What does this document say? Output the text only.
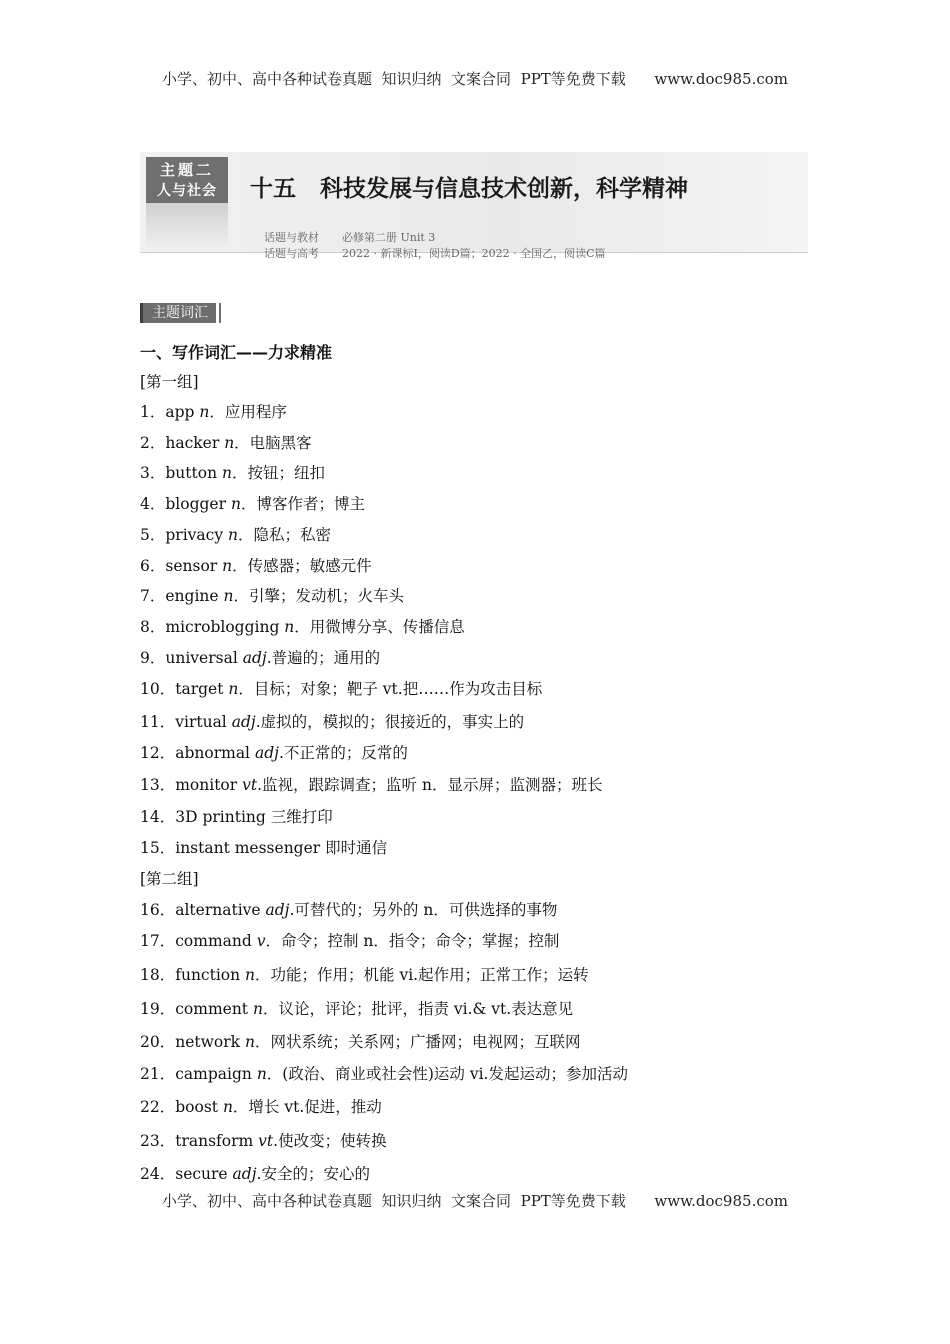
小学、初中、高中各种试卷真题  知识归纳  文案合同  PPT等免费下载      www.doc985.com
主题二
人与社会	十五   科技发展与信息技术创新，科学精神

话题与教材 必修第二册 Unit 3

话题与高考 2022 · 新课标Ⅰ，阅读D篇；2022 · 全国乙，阅读C篇

主题词汇
一、写作词汇——力求精准
[第一组]
[第二组]
1．app n．应用程序
2．hacker n．电脑黑客
3．button n．按钮；纽扣
4．blogger n．博客作者；博主
5．privacy n．隐私；私密
6．sensor n．传感器；敏感元件
7．engine n．引擎；发动机；火车头
8．microblogging n．用微博分享、传播信息
9．universal adj.普遍的；通用的
10．target n．目标；对象；靶子 vt.把……作为攻击目标
11．virtual adj.虚拟的，模拟的；很接近的，事实上的
12．abnormal adj.不正常的；反常的
13．monitor vt.监视，跟踪调查；监听 n．显示屏；监测器；班长
14．3D printing 三维打印
15．instant messenger 即时通信
16．alternative adj.可替代的；另外的 n．可供选择的事物
17．command v．命令；控制 n．指令；命令；掌握；控制
18．function n．功能；作用；机能 vi.起作用；正常工作；运转
19．comment n．议论，评论；批评，指责 vi.& vt.表达意见
20．network n．网状系统；关系网；广播网；电视网；互联网
21．campaign n．(政治、商业或社会性)运动 vi.发起运动；参加活动
22．boost n．增长 vt.促进，推动
23．transform vt.使改变；使转换
24．secure adj.安全的；安心的
小学、初中、高中各种试卷真题  知识归纳  文案合同  PPT等免费下载      www.doc985.com
